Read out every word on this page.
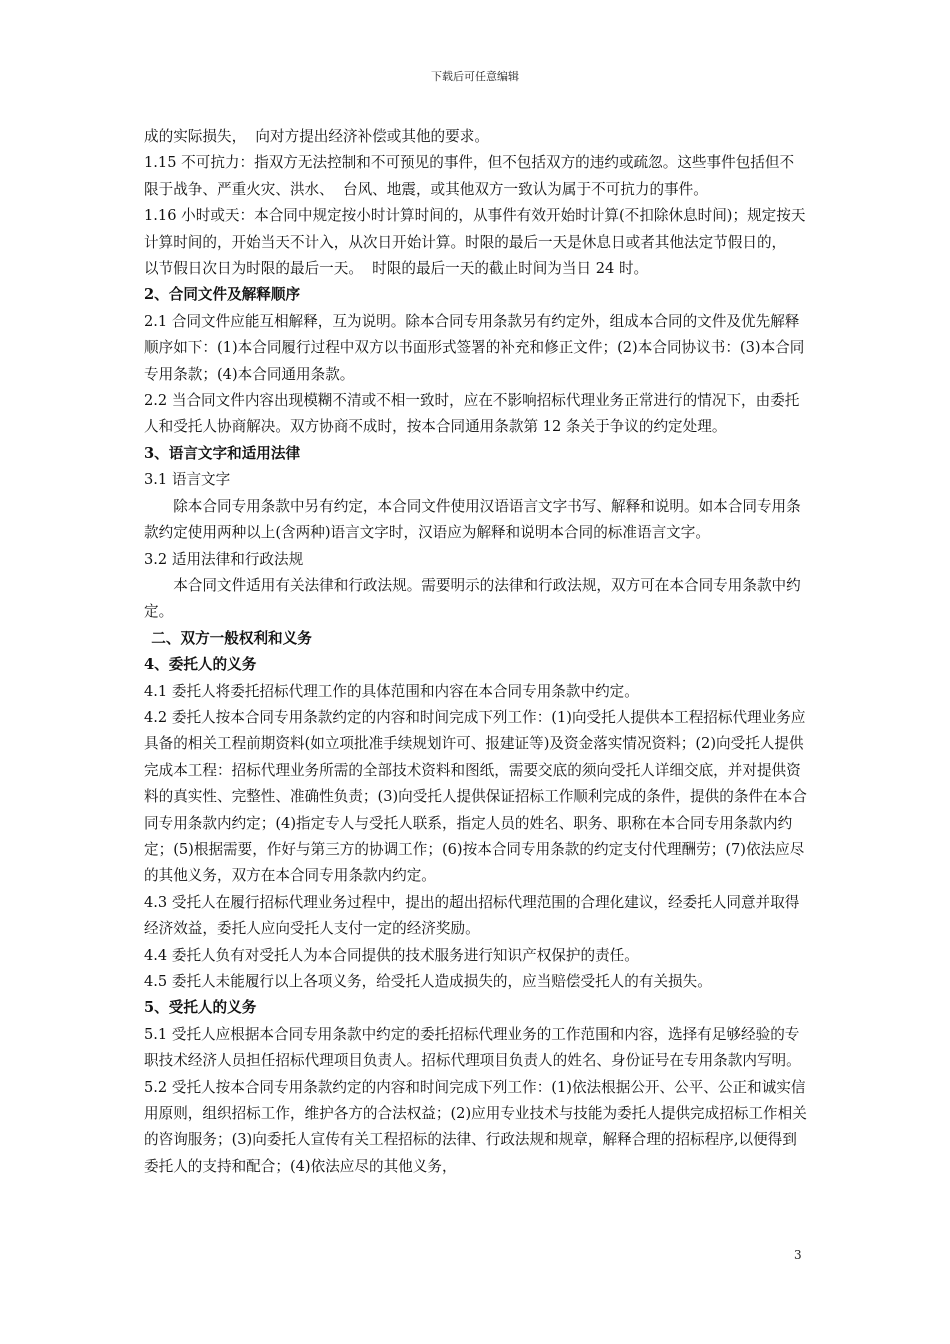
下载后可任意编辑

成的实际损失，  向对方提出经济补偿或其他的要求。

1.15 不可抗力：指双方无法控制和不可预见的事件，但不包括双方的违约或疏忽。这些事件包括但不限于战争、严重火灾、洪水、  台风、地震，或其他双方一致认为属于不可抗力的事件。

1.16 小时或天：本合同中规定按小时计算时间的，从事件有效开始时计算(不扣除休息时间)；规定按天计算时间的，开始当天不计入，从次日开始计算。时限的最后一天是休息日或者其他法定节假日的，  以节假日次日为时限的最后一天。  时限的最后一天的截止时间为当日 24 时。

2、合同文件及解释顺序

2.1 合同文件应能互相解释，互为说明。除本合同专用条款另有约定外，组成本合同的文件及优先解释顺序如下：(1)本合同履行过程中双方以书面形式签署的补充和修正文件；(2)本合同协议书：(3)本合同专用条款；(4)本合同通用条款。

2.2 当合同文件内容出现模糊不清或不相一致时，应在不影响招标代理业务正常进行的情况下，由委托人和受托人协商解决。双方协商不成时，按本合同通用条款第 12 条关于争议的约定处理。

3、语言文字和适用法律

3.1 语言文字

除本合同专用条款中另有约定，本合同文件使用汉语语言文字书写、解释和说明。如本合同专用条款约定使用两种以上(含两种)语言文字时，汉语应为解释和说明本合同的标准语言文字。

3.2 适用法律和行政法规

本合同文件适用有关法律和行政法规。需要明示的法律和行政法规，双方可在本合同专用条款中约定。

二、双方一般权利和义务

4、委托人的义务

4.1 委托人将委托招标代理工作的具体范围和内容在本合同专用条款中约定。

4.2 委托人按本合同专用条款约定的内容和时间完成下列工作：(1)向受托人提供本工程招标代理业务应具备的相关工程前期资料(如立项批准手续规划许可、报建证等)及资金落实情况资料；(2)向受托人提供完成本工程：招标代理业务所需的全部技术资料和图纸，需要交底的须向受托人详细交底，并对提供资料的真实性、完整性、准确性负责；(3)向受托人提供保证招标工作顺利完成的条件，提供的条件在本合同专用条款内约定；(4)指定专人与受托人联系，指定人员的姓名、职务、职称在本合同专用条款内约定；(5)根据需要，作好与第三方的协调工作；(6)按本合同专用条款的约定支付代理酬劳；(7)依法应尽的其他义务，双方在本合同专用条款内约定。

4.3 受托人在履行招标代理业务过程中，提出的超出招标代理范围的合理化建议，经委托人同意并取得经济效益，委托人应向受托人支付一定的经济奖励。

4.4 委托人负有对受托人为本合同提供的技术服务进行知识产权保护的责任。

4.5 委托人未能履行以上各项义务，给受托人造成损失的，应当赔偿受托人的有关损失。

5、受托人的义务

5.1 受托人应根据本合同专用条款中约定的委托招标代理业务的工作范围和内容，选择有足够经验的专职技术经济人员担任招标代理项目负责人。招标代理项目负责人的姓名、身份证号在专用条款内写明。

5.2 受托人按本合同专用条款约定的内容和时间完成下列工作：(1)依法根据公开、公平、公正和诚实信用原则，组织招标工作，维护各方的合法权益；(2)应用专业技术与技能为委托人提供完成招标工作相关的咨询服务；(3)向委托人宣传有关工程招标的法律、行政法规和规章，解释合理的招标程序,以便得到委托人的支持和配合；(4)依法应尽的其他义务，

3
